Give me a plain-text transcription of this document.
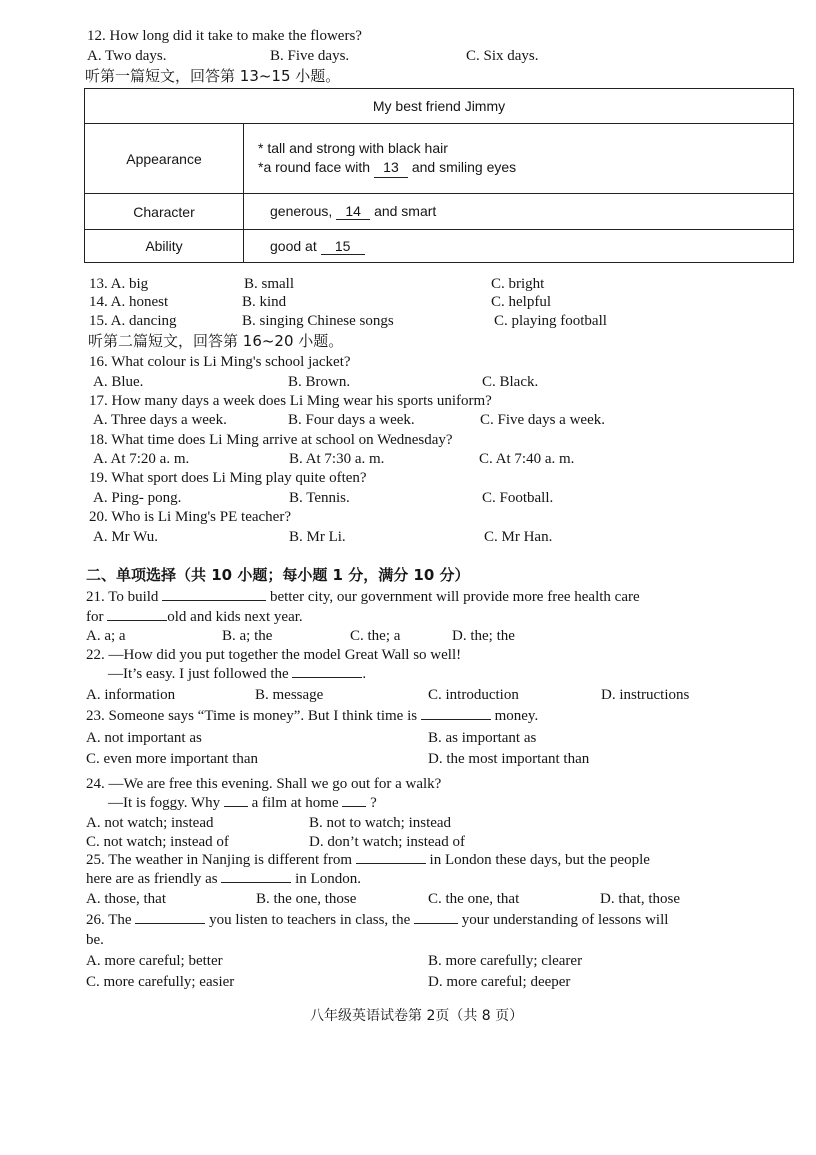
12. How long did it take to make the flowers?
A. Two days.	B. Five days.	C. Six days.
听第一篇短文，回答第 13~15 小题。
My best friend Jimmy	
Appearance	* tall and strong with black hair
*a round face with 13 and smiling eyes

Character	generous, 14 and smart
Ability	good at 15
13. A. big	B. small	C. bright
14. A. honest	B. kind	C. helpful
15. A. dancing	B. singing Chinese songs	C. playing football
听第二篇短文，回答第 16~20 小题。
16. What colour is Li Ming's school jacket?
A. Blue.	B. Brown.	C. Black.
17. How many days a week does Li Ming wear his sports uniform?
A. Three days a week.	B. Four days a week.	C. Five days a week.
18. What time does Li Ming arrive at school on Wednesday?
A. At 7:20 a. m.	B. At 7:30 a. m.	C. At 7:40 a. m.
19. What sport does Li Ming play quite often?
A. Ping- pong.	B. Tennis.	C. Football.
20. Who is Li Ming's PE teacher?
A. Mr Wu.	B. Mr Li.	C. Mr Han.
二、单项选择（共 10 小题；每小题 1 分，满分 10 分）
21. To build	better city, our government will provide more free health care
for	old and kids next year.
A. a; a	B. a; the	C. the; a	D. the; the
22. —How did you put together the model Great Wall so well!
—It’s easy. I just followed the	.
A. information	B. message	C. introduction	D. instructions
23. Someone says “Time is money”. But I think time is	money.
A. not important as	B. as important as
C. even more important than	D. the most important than
24. —We are free this evening. Shall we go out for a walk?
—It is foggy. Why a film at home ?
A. not watch; instead	B. not to watch; instead
C. not watch; instead of	D. don’t watch; instead of
25. The weather in Nanjing is different from	in London these days, but the people
here are as friendly as	in London.
A. those, that	B. the one, those	C. the one, that	D. that, those
26. The	you listen to teachers in class, the	your understanding of lessons will
be.
A. more careful; better	B. more carefully; clearer
C. more carefully; easier	D. more careful; deeper
八年级英语试卷第 2页（共 8 页）
